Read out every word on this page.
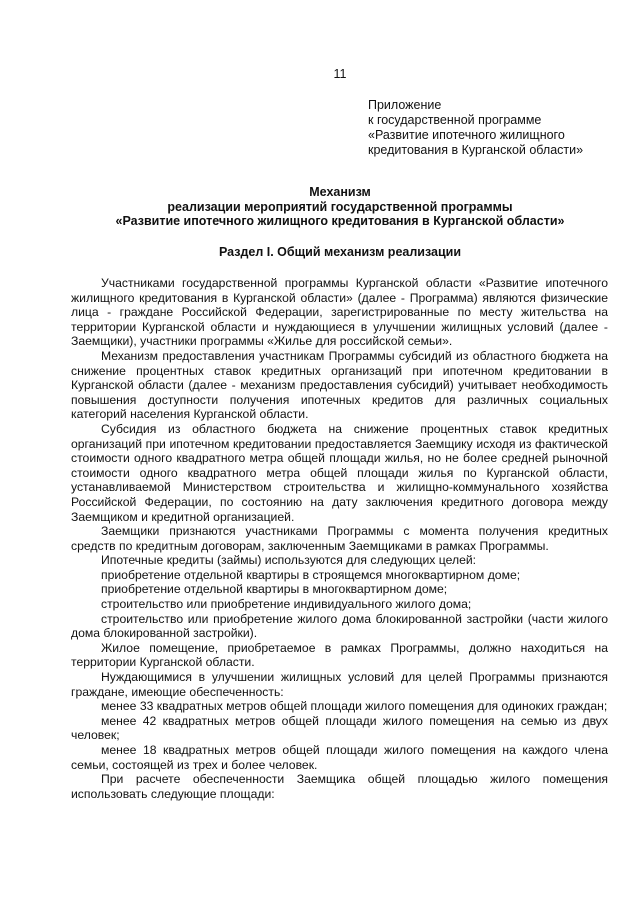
11
Приложение
к государственной программе
«Развитие ипотечного жилищного
кредитования в Курганской области»
Механизм
реализации мероприятий государственной программы
«Развитие ипотечного жилищного кредитования в Курганской области»
Раздел I. Общий механизм реализации

Участниками государственной программы Курганской области «Развитие ипотечного жилищного кредитования в Курганской области» (далее - Программа) являются физические лица - граждане Российской Федерации, зарегистрированные по месту жительства на территории Курганской области и нуждающиеся в улучшении жилищных условий (далее - Заемщики), участники программы «Жилье для российской семьи».

Механизм предоставления участникам Программы субсидий из областного бюджета на снижение процентных ставок кредитных организаций при ипотечном кредитовании в Курганской области (далее - механизм предоставления субсидий) учитывает необходимость повышения доступности получения ипотечных кредитов для различных социальных категорий населения Курганской области.

Субсидия из областного бюджета на снижение процентных ставок кредитных организаций при ипотечном кредитовании предоставляется Заемщику исходя из фактической стоимости одного квадратного метра общей площади жилья, но не более средней рыночной стоимости одного квадратного метра общей площади жилья по Курганской области, устанавливаемой Министерством строительства и жилищно-коммунального хозяйства Российской Федерации, по состоянию на дату заключения кредитного договора между Заемщиком и кредитной организацией.

Заемщики признаются участниками Программы с момента получения кредитных средств по кредитным договорам, заключенным Заемщиками в рамках Программы.

Ипотечные кредиты (займы) используются для следующих целей:

приобретение отдельной квартиры в строящемся многоквартирном доме;

приобретение отдельной квартиры в многоквартирном доме;

строительство или приобретение индивидуального жилого дома;

строительство или приобретение жилого дома блокированной застройки (части жилого дома блокированной застройки).

Жилое помещение, приобретаемое в рамках Программы, должно находиться на территории Курганской области.

Нуждающимися в улучшении жилищных условий для целей Программы признаются граждане, имеющие обеспеченность:

менее 33 квадратных метров общей площади жилого помещения для одиноких граждан;

менее 42 квадратных метров общей площади жилого помещения на семью из двух человек;

менее 18 квадратных метров общей площади жилого помещения на каждого члена семьи, состоящей из трех и более человек.

При расчете обеспеченности Заемщика общей площадью жилого помещения использовать следующие площади:
